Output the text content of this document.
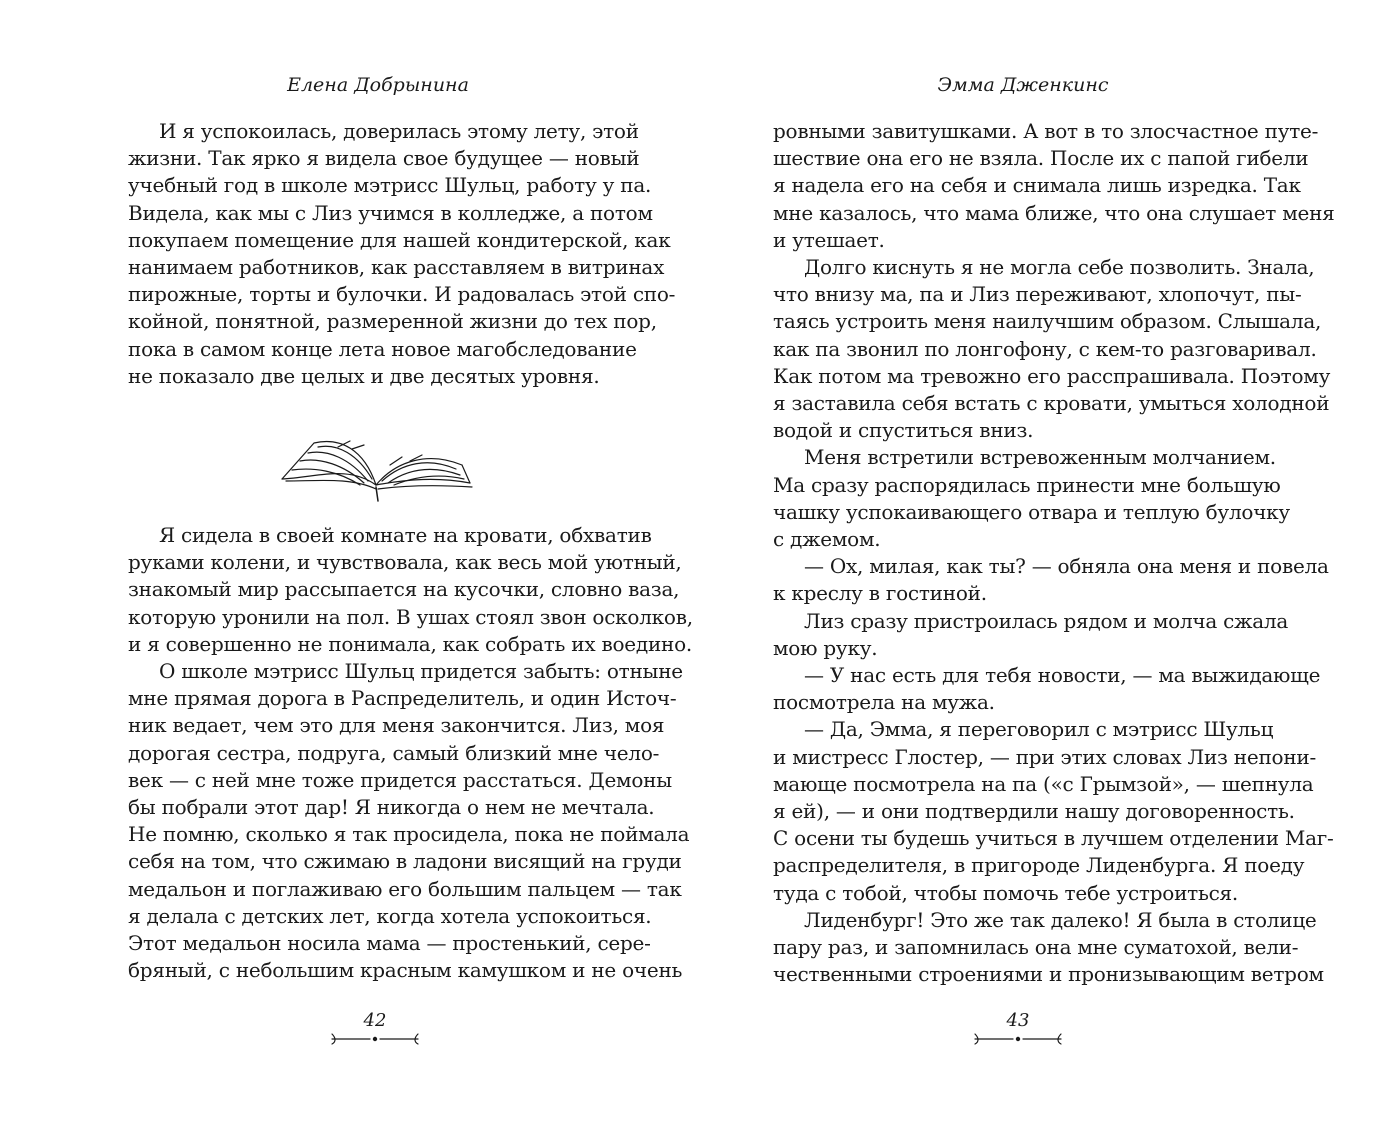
Елена Добрынина

И я успокоилась, доверилась этому лету, этой

жизни. Так ярко я видела свое будущее — новый

учебный год в школе мэтрисс Шульц, работу у па.

Видела, как мы с Лиз учимся в колледже, а потом

покупаем помещение для нашей кондитерской, как

нанимаем работников, как расставляем в витринах

пирожные, торты и булочки. И радовалась этой спо-

койной, понятной, размеренной жизни до тех пор,

пока в самом конце лета новое магобследование

не показало две целых и две десятых уровня.

Я сидела в своей комнате на кровати, обхватив

руками колени, и чувствовала, как весь мой уютный,

знакомый мир рассыпается на кусочки, словно ваза,

которую уронили на пол. В ушах стоял звон осколков,

и я совершенно не понимала, как собрать их воедино.

О школе мэтрисс Шульц придется забыть: отныне

мне прямая дорога в Распределитель, и один Источ-

ник ведает, чем это для меня закончится. Лиз, моя

дорогая сестра, подруга, самый близкий мне чело-

век — с ней мне тоже придется расстаться. Демоны

бы побрали этот дар! Я никогда о нем не мечтала.

Не помню, сколько я так просидела, пока не поймала

себя на том, что сжимаю в ладони висящий на груди

медальон и поглаживаю его большим пальцем — так

я делала с детских лет, когда хотела успокоиться.

Этот медальон носила мама — простенький, сере-

бряный, с небольшим красным камушком и не очень

42
Эмма Дженкинс

ровными завитушками. А вот в то злосчастное путе-

шествие она его не взяла. После их с папой гибели

я надела его на себя и снимала лишь изредка. Так

мне казалось, что мама ближе, что она слушает меня

и утешает.

Долго киснуть я не могла себе позволить. Знала,

что внизу ма, па и Лиз переживают, хлопочут, пы-

таясь устроить меня наилучшим образом. Слышала,

как па звонил по лонгофону, с кем-то разговаривал.

Как потом ма тревожно его расспрашивала. Поэтому

я заставила себя встать с кровати, умыться холодной

водой и спуститься вниз.

Меня встретили встревоженным молчанием.

Ма сразу распорядилась принести мне большую

чашку успокаивающего отвара и теплую булочку

с джемом.

— Ох, милая, как ты? — обняла она меня и повела

к креслу в гостиной.

Лиз сразу пристроилась рядом и молча сжала

мою руку.

— У нас есть для тебя новости, — ма выжидающе

посмотрела на мужа.

— Да, Эмма, я переговорил с мэтрисс Шульц

и мистресс Глостер, — при этих словах Лиз непони-

мающе посмотрела на па («с Грымзой», — шепнула

я ей), — и они подтвердили нашу договоренность.

С осени ты будешь учиться в лучшем отделении Маг-

распределителя, в пригороде Лиденбурга. Я поеду

туда с тобой, чтобы помочь тебе устроиться.

Лиденбург! Это же так далеко! Я была в столице

пару раз, и запомнилась она мне суматохой, вели-

чественными строениями и пронизывающим ветром

43
